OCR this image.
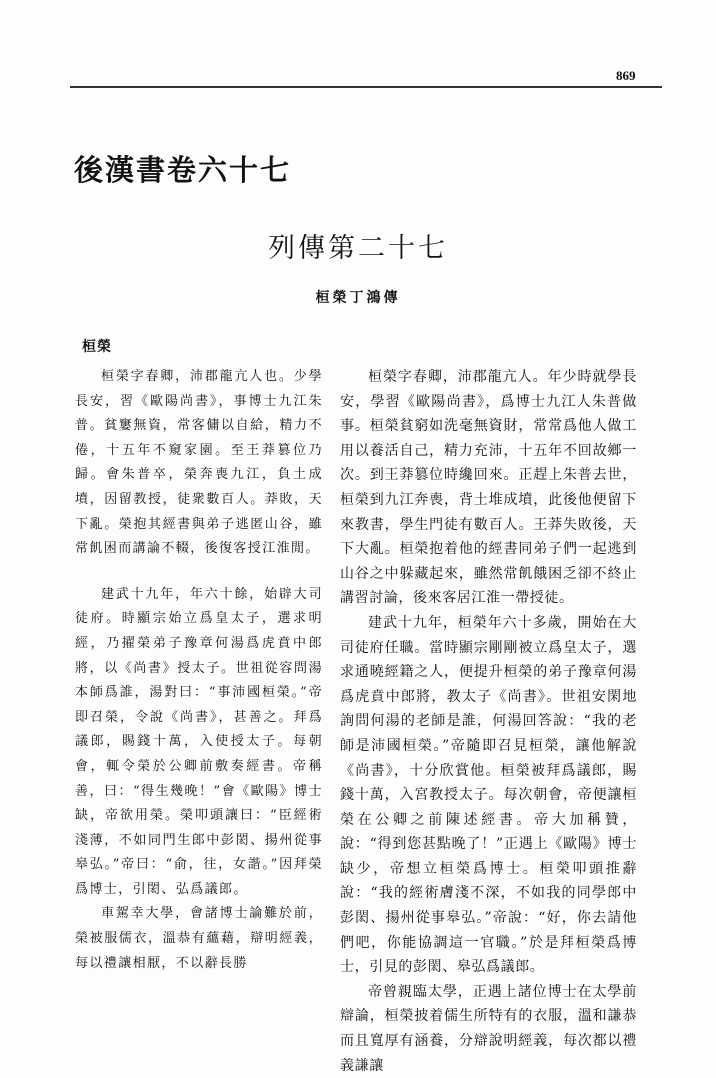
869
後漢書卷六十七
列傳第二十七
桓榮丁鴻傳
桓榮

桓榮字春卿，沛郡龍亢人也。少學長安，習《歐陽尚書》，事博士九江朱普。貧窶無資，常客傭以自給，精力不倦，十五年不窺家園。至王莽篡位乃歸。會朱普卒，榮奔喪九江，負土成墳，因留教授，徒衆數百人。莽敗，天下亂。榮抱其經書與弟子逃匿山谷，雖常飢困而講論不輟，後復客授江淮閒。

建武十九年，年六十餘，始辟大司徒府。時顯宗始立爲皇太子，選求明經，乃擢榮弟子豫章何湯爲虎賁中郎將，以《尚書》授太子。世祖從容問湯本師爲誰，湯對曰：“事沛國桓榮。”帝即召榮，令說《尚書》，甚善之。拜爲議郎，賜錢十萬，入使授太子。每朝會，輒令榮於公卿前敷奏經書。帝稱善，曰：“得生幾晚！”會《歐陽》博士缺，帝欲用榮。榮叩頭讓曰：“臣經術淺薄，不如同門生郎中彭閎、揚州從事皋弘。”帝曰：“俞，往，女諧。”因拜榮爲博士，引閎、弘爲議郎。

車駕幸大學，會諸博士論難於前，榮被服儒衣，溫恭有蘊藉，辯明經義，每以禮讓相厭，不以辭長勝

桓榮字春卿，沛郡龍亢人。年少時就學長安，學習《歐陽尚書》，爲博士九江人朱普做事。桓榮貧窮如洗毫無資財，常常爲他人做工用以養活自己，精力充沛，十五年不回故鄉一次。到王莽篡位時纔回來。正趕上朱普去世，桓榮到九江奔喪，背土堆成墳，此後他便留下來教書，學生門徒有數百人。王莽失敗後，天下大亂。桓榮抱着他的經書同弟子們一起逃到山谷之中躲藏起來，雖然常飢餓困乏卻不終止講習討論，後來客居江淮一帶授徒。

建武十九年，桓榮年六十多歲，開始在大司徒府任職。當時顯宗剛剛被立爲皇太子，選求通曉經籍之人，便提升桓榮的弟子豫章何湯爲虎賁中郎將，教太子《尚書》。世祖安閑地詢問何湯的老師是誰，何湯回答說：“我的老師是沛國桓榮。”帝隨即召見桓榮，讓他解說《尚書》，十分欣賞他。桓榮被拜爲議郎，賜錢十萬，入宮教授太子。每次朝會，帝便讓桓榮在公卿之前陳述經書。帝大加稱贊，說：“得到您甚點晚了！”正遇上《歐陽》博士缺少，帝想立桓榮爲博士。桓榮叩頭推辭說：“我的經術膚淺不深，不如我的同學郎中彭閎、揚州從事皋弘。”帝說：“好，你去請他們吧，你能協調這一官職。”於是拜桓榮爲博士，引見的彭閎、皋弘爲議郎。

帝曾親臨太學，正遇上諸位博士在太學前辯論，桓榮披着儒生所特有的衣服，溫和謙恭而且寬厚有涵養，分辯說明經義，每次都以禮義謙讓
